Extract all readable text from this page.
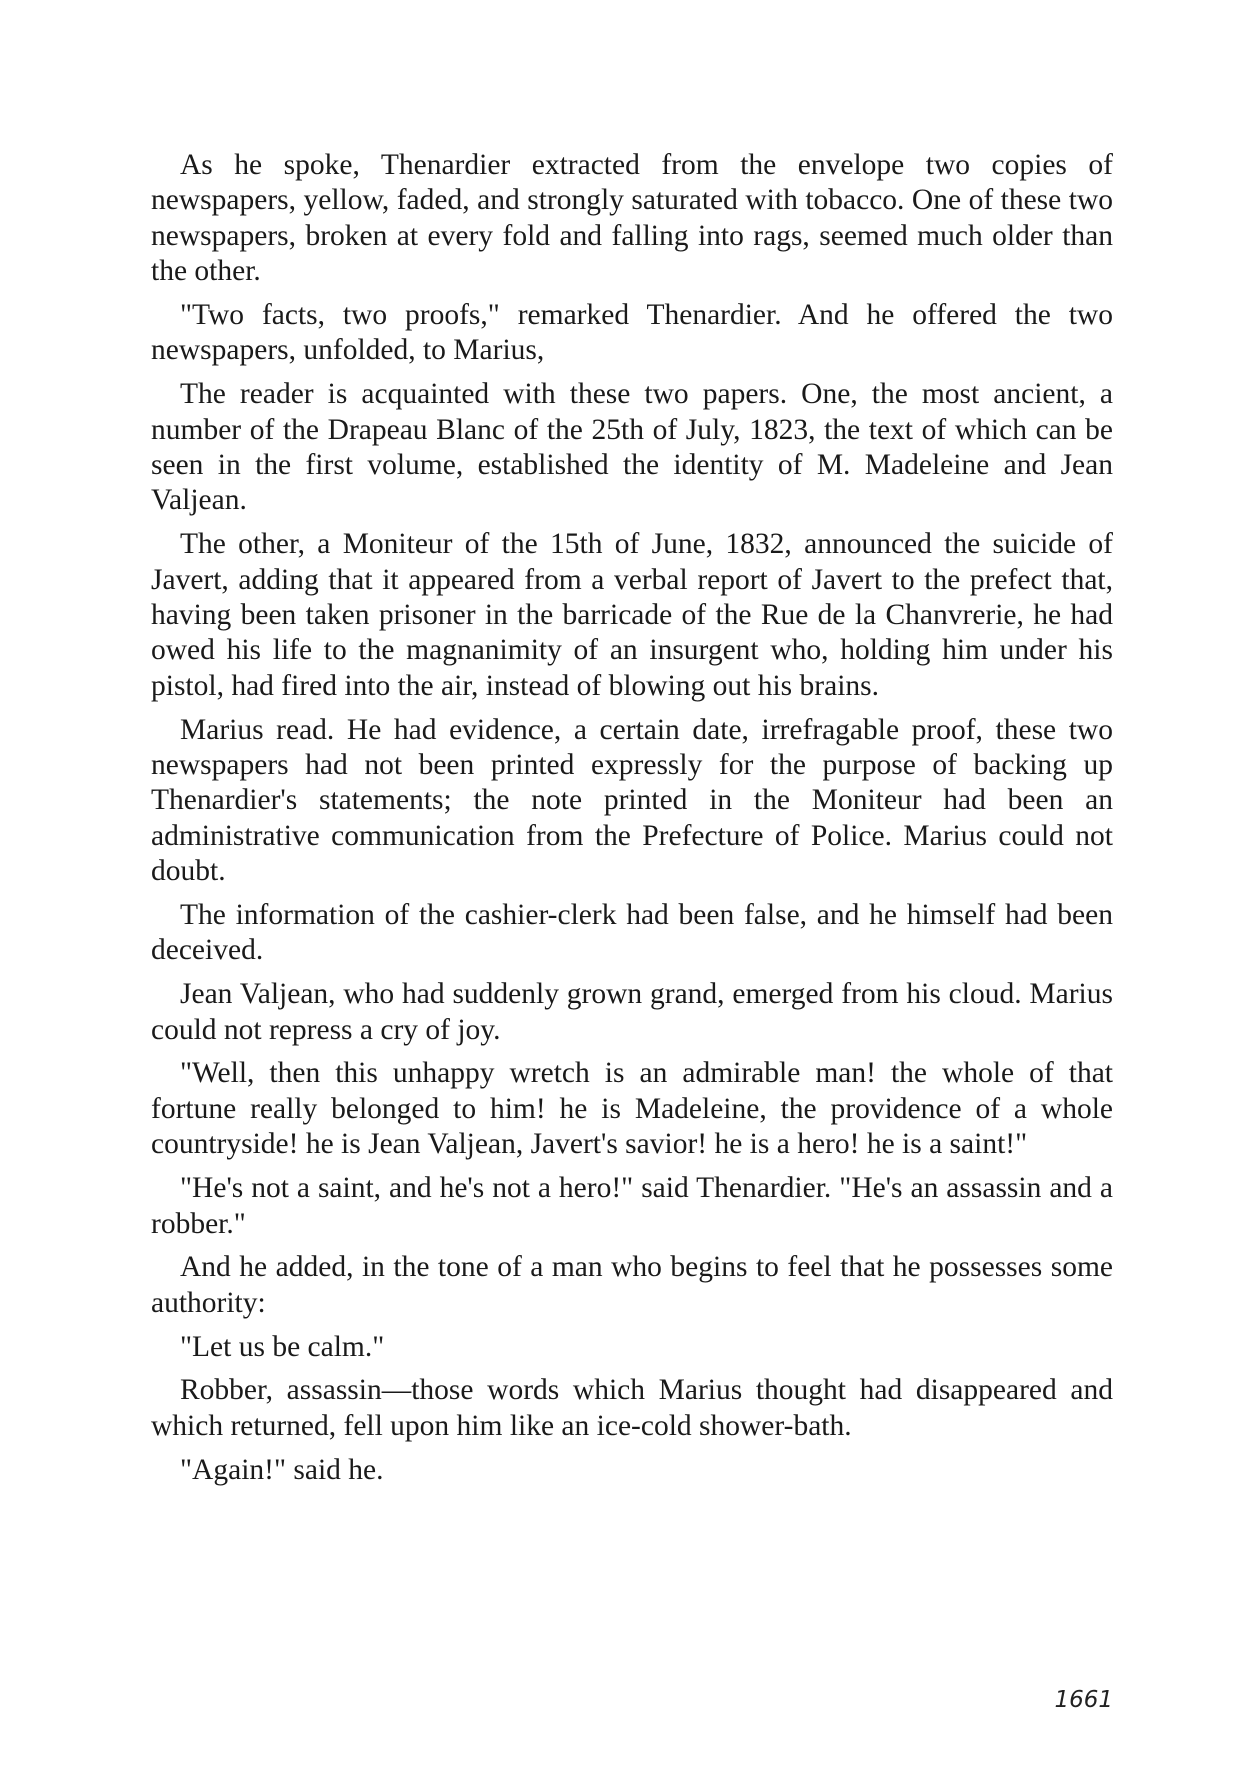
As he spoke, Thenardier extracted from the envelope two copies of newspapers, yellow, faded, and strongly saturated with tobacco. One of these two newspapers, broken at every fold and falling into rags, seemed much older than the other.

"Two facts, two proofs," remarked Thenardier. And he offered the two newspapers, unfolded, to Marius,

The reader is acquainted with these two papers. One, the most ancient, a number of the Drapeau Blanc of the 25th of July, 1823, the text of which can be seen in the first volume, established the identity of M. Madeleine and Jean Valjean.

The other, a Moniteur of the 15th of June, 1832, announced the suicide of Javert, adding that it appeared from a verbal report of Javert to the prefect that, having been taken prisoner in the barricade of the Rue de la Chanvrerie, he had owed his life to the magnanimity of an insurgent who, holding him under his pistol, had fired into the air, instead of blowing out his brains.

Marius read. He had evidence, a certain date, irrefragable proof, these two newspapers had not been printed expressly for the purpose of backing up Thenardier's statements; the note printed in the Moniteur had been an administrative communication from the Prefecture of Police. Marius could not doubt.

The information of the cashier-clerk had been false, and he himself had been deceived.

Jean Valjean, who had suddenly grown grand, emerged from his cloud. Marius could not repress a cry of joy.

"Well, then this unhappy wretch is an admirable man! the whole of that fortune really belonged to him! he is Madeleine, the providence of a whole countryside! he is Jean Valjean, Javert's savior! he is a hero! he is a saint!"

"He's not a saint, and he's not a hero!" said Thenardier. "He's an assassin and a robber."

And he added, in the tone of a man who begins to feel that he possesses some authority:

"Let us be calm."

Robber, assassin—those words which Marius thought had disappeared and which returned, fell upon him like an ice-cold shower-bath.

"Again!" said he.

1661
